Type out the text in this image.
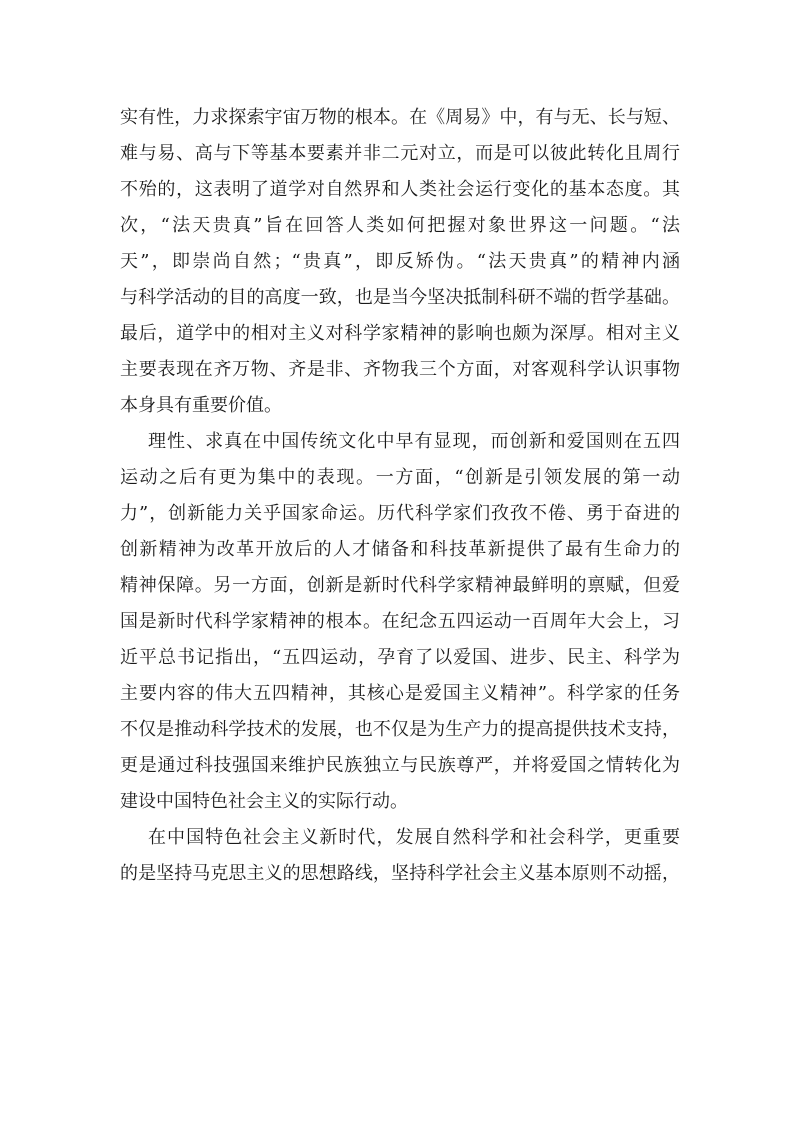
实有性，力求探索宇宙万物的根本。在《周易》中，有与无、长与短、
难与易、高与下等基本要素并非二元对立，而是可以彼此转化且周行
不殆的，这表明了道学对自然界和人类社会运行变化的基本态度。其
次，“法天贵真”旨在回答人类如何把握对象世界这一问题。“法
天”，即崇尚自然；“贵真”，即反矫伪。“法天贵真”的精神内涵
与科学活动的目的高度一致，也是当今坚决抵制科研不端的哲学基础。
最后，道学中的相对主义对科学家精神的影响也颇为深厚。相对主义
主要表现在齐万物、齐是非、齐物我三个方面，对客观科学认识事物
本身具有重要价值。
理性、求真在中国传统文化中早有显现，而创新和爱国则在五四
运动之后有更为集中的表现。一方面，“创新是引领发展的第一动
力”，创新能力关乎国家命运。历代科学家们孜孜不倦、勇于奋进的
创新精神为改革开放后的人才储备和科技革新提供了最有生命力的
精神保障。另一方面，创新是新时代科学家精神最鲜明的禀赋，但爱
国是新时代科学家精神的根本。在纪念五四运动一百周年大会上，习
近平总书记指出，“五四运动，孕育了以爱国、进步、民主、科学为
主要内容的伟大五四精神，其核心是爱国主义精神”。科学家的任务
不仅是推动科学技术的发展，也不仅是为生产力的提高提供技术支持，
更是通过科技强国来维护民族独立与民族尊严，并将爱国之情转化为
建设中国特色社会主义的实际行动。
在中国特色社会主义新时代，发展自然科学和社会科学，更重要
的是坚持马克思主义的思想路线，坚持科学社会主义基本原则不动摇，
